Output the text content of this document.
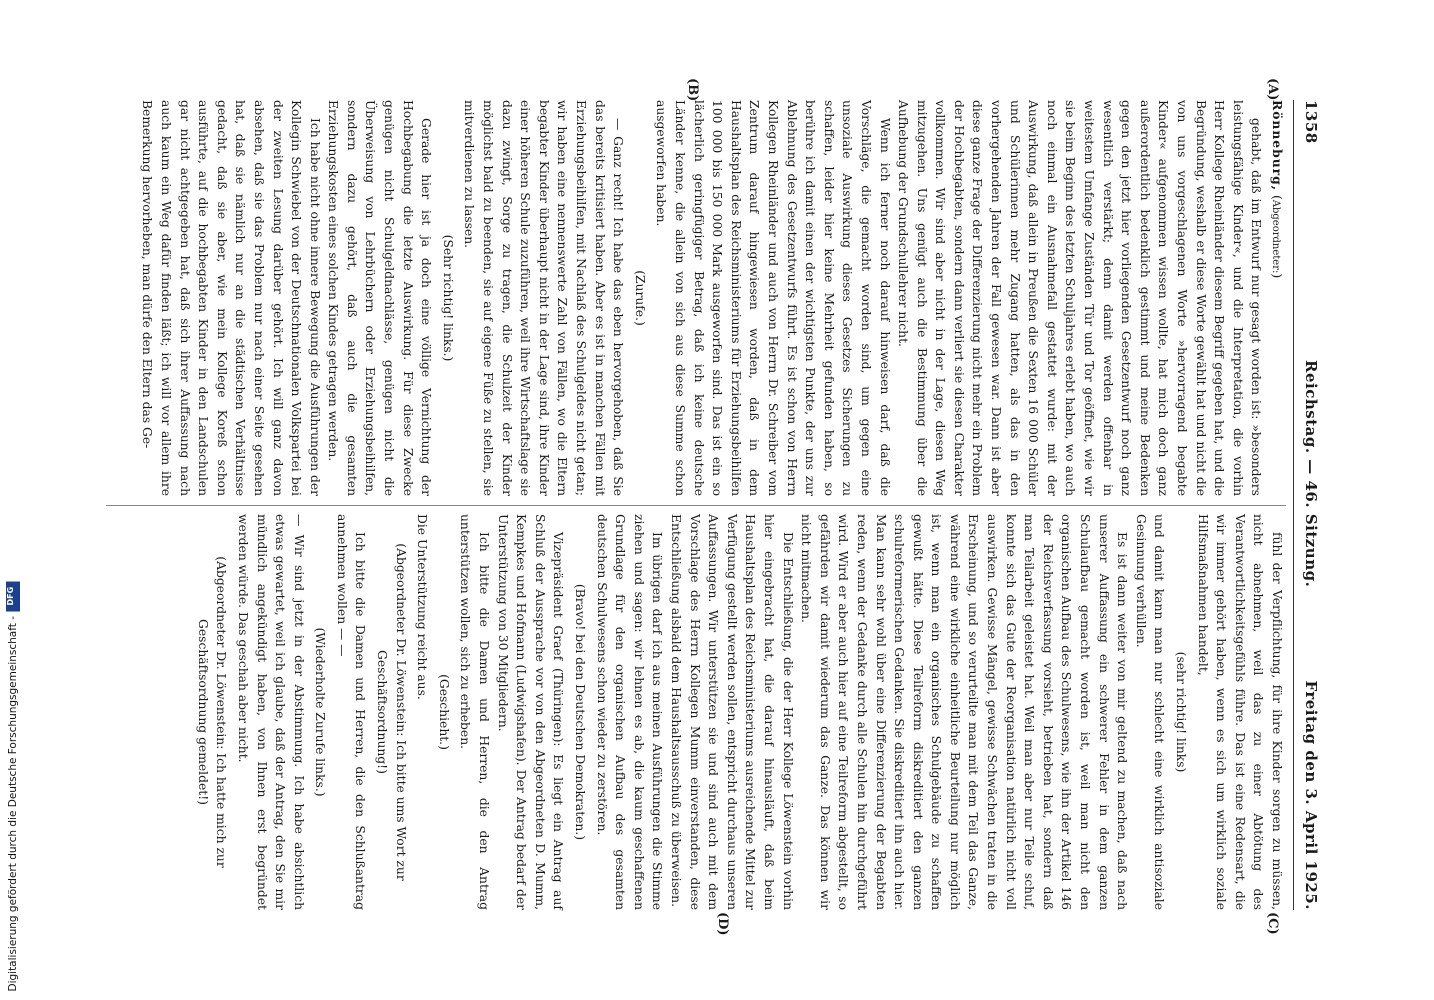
1358
Reichstag. — 46. Sitzung.
Freitag den 3. April 1925.
(A)
(B)
(C)
(D)

Rönneburg, (Abgeordneter:)

gehabt, daß im Entwurf nur gesagt worden ist: »besonders leistungsfähige Kinder«, und die Interpretation, die vorhin Herr Kollege Rheinländer diesem Begriff gegeben hat, und die Begründung, weshalb er diese Worte gewählt hat und nicht die von uns vorgeschlagenen Worte »hervorragend begabte Kinder« aufgenommen wissen wollte, hat mich doch ganz außerordentlich bedenklich gestimmt und meine Bedenken gegen den jetzt hier vorliegenden Gesetzentwurf noch ganz wesentlich verstärkt; denn damit werden offenbar in weitestem Umfange Zuständen Tür und Tor geöffnet, wie wir sie beim Beginn des letzten Schuljahres erlebt haben, wo auch noch einmal ein Ausnahmefall gestattet wurde: mit der Auswirkung, daß allein in Preußen die Sexten 16 000 Schüler und Schülerinnen mehr Zugang hatten, als das in den vorhergehenden Jahren der Fall gewesen war. Dann ist aber diese ganze Frage der Differenzierung nicht mehr ein Problem der Hochbegabten, sondern dann verliert sie diesen Charakter vollkommen. Wir sind aber nicht in der Lage, diesen Weg mitzugehen. Uns genügt auch die Bestimmung über die Aufhebung der Grundschullehrer nicht.

Wenn ich ferner noch darauf hinweisen darf, daß die Vorschläge, die gemacht worden sind, um gegen eine unsoziale Auswirkung dieses Gesetzes Sicherungen zu schaffen, leider hier keine Mehrheit gefunden haben, so berühre ich damit einen der wichtigsten Punkte, der uns zur Ablehnung des Gesetzentwurfs führt. Es ist schon von Herrn Kollegen Rheinländer und auch von Herrn Dr. Schreiber vom Zentrum darauf hingewiesen worden, daß in dem Haushaltsplan des Reichsministeriums für Erziehungsbeihilfen 100 000 bis 150 000 Mark ausgeworfen sind. Das ist ein so lächerlich geringfügiger Betrag, daß ich keine deutsche Länder kenne, die allein von sich aus diese Summe schon ausgeworfen haben.

(Zurufe.)

— Ganz recht! Ich habe das eben hervorgehoben, daß Sie das bereits kritisiert haben. Aber es ist in manchen Fällen mit Erziehungsbeihilfen, mit Nachlaß des Schulgeldes nicht getan; wir haben eine nennenswerte Zahl von Fällen, wo die Eltern begabter Kinder überhaupt nicht in der Lage sind, ihre Kinder einer höheren Schule zuzuführen, weil ihre Wirtschaftslage sie dazu zwingt, Sorge zu tragen, die Schulzeit der Kinder möglichst bald zu beenden, sie auf eigene Füße zu stellen, sie mitverdienen zu lassen.

(Sehr richtig! links.)

Gerade hier ist ja doch eine völlige Vernichtung der Hochbegabung die letzte Auswirkung. Für diese Zwecke genügen nicht Schulgeldnachlässe, genügen nicht die Überweisung von Lehrbüchern oder Erziehungsbeihilfen, sondern dazu gehört, daß auch die gesamten Erziehungskosten eines solchen Kindes getragen werden.

Ich habe nicht ohne innere Bewegung die Ausführungen der Kollegin Schwiebel von der Deutschnationalen Volkspartei bei der zweiten Lesung darüber gehört. Ich will ganz davon absehen, daß sie das Problem nur nach einer Seite gesehen hat, daß sie nämlich nur an die städtischen Verhältnisse gedacht, daß sie aber, wie mein Kollege Koreß schon ausführte, auf die hochbegabten Kinder in den Landschulen gar nicht achtgegeben hat, daß sich ihrer Auffassung nach auch kaum ein Weg dafür finden läßt; ich will vor allem ihre Bemerkung hervorheben, man dürfe den Eltern das Ge-

fühl der Verpflichtung, für ihre Kinder sorgen zu müssen, nicht abnehmen, weil das zu einer Abtötung des Verantwortlichkeitsgefühls führe. Das ist eine Redensart, die wir immer gehört haben, wenn es sich um wirklich soziale Hilfsmaßnahmen handelt,

(sehr richtig! links)

und damit kann man nur schlecht eine wirklich antisoziale Gesinnung verhüllen.

Es ist dann weiter von mir geltend zu machen, daß nach unserer Auffassung ein schwerer Fehler in dem ganzen Schulaufbau gemacht worden ist, weil man nicht den organischen Aufbau des Schulwesens, wie ihn der Artikel 146 der Reichsverfassung vorsieht, betrieben hat, sondern daß man Teilarbeit geleistet hat. Weil man aber nur Teile schuf, konnte sich das Gute der Reorganisation natürlich nicht voll auswirken. Gewisse Mängel, gewisse Schwächen traten in die Erscheinung, und so verurteilte man mit dem Teil das Ganze, während eine wirkliche einheitliche Beurteilung nur möglich ist, wenn man ein organisches Schulgebäude zu schaffen gewußt hätte. Diese Teilreform diskreditiert den ganzen schulreformerischen Gedanken. Sie diskreditiert ihn auch hier. Man kann sehr wohl über eine Differenzierung der Begabten reden, wenn der Gedanke durch alle Schulen hin durchgeführt wird. Wird er aber auch hier auf eine Teilreform abgestellt, so gefährden wir damit wiederum das Ganze. Das können wir nicht mitmachen.

Die Entschließung, die der Herr Kollege Löwenstein vorhin hier eingebracht hat, die darauf hinausläuft, daß beim Haushaltsplan des Reichsministeriums ausreichende Mittel zur Verfügung gestellt werden sollen, entspricht durchaus unseren Auffassungen. Wir unterstützen sie und sind auch mit dem Vorschlage des Herrn Kollegen Mumm einverstanden, diese Entschließung alsbald dem Haushaltsausschuß zu überweisen.

Im übrigen darf ich aus meinen Ausführungen die Stimme ziehen und sagen: wir lehnen es ab, die kaum geschaffenen Grundlage für den organischen Aufbau des gesamten deutschen Schulwesens schon wieder zu zerstören.

(Bravo! bei den Deutschen Demokraten.)

Vizepräsident Graef (Thüringen): Es liegt ein Antrag auf Schluß der Aussprache vor von den Abgeordneten D. Mumm, Kempkes und Hofmann (Ludwigshafen). Der Antrag bedarf der Unterstützung von 30 Mitgliedern.

Ich bitte die Damen und Herren, die den Antrag unterstützen wollen, sich zu erheben.

(Geschieht.)

Die Unterstützung reicht aus.

(Abgeordneter Dr. Löwenstein: Ich bitte ums Wort zur Geschäftsordnung!)

Ich bitte die Damen und Herren, die den Schlußantrag annehmen wollen — —

(Wiederholte Zurufe links.)

— Wir sind jetzt in der Abstimmung. Ich habe absichtlich etwas gewartet, weil ich glaube, daß der Antrag, den Sie mir mündlich angekündigt haben, von Ihnen erst begründet werden würde. Das geschah aber nicht.

(Abgeordneter Dr. Löwenstein: Ich hatte mich zur Geschäftsordnung gemeldet!)

Digitalisierung gefördert durch die Deutsche Forschungsgemeinschaft -
DFG
